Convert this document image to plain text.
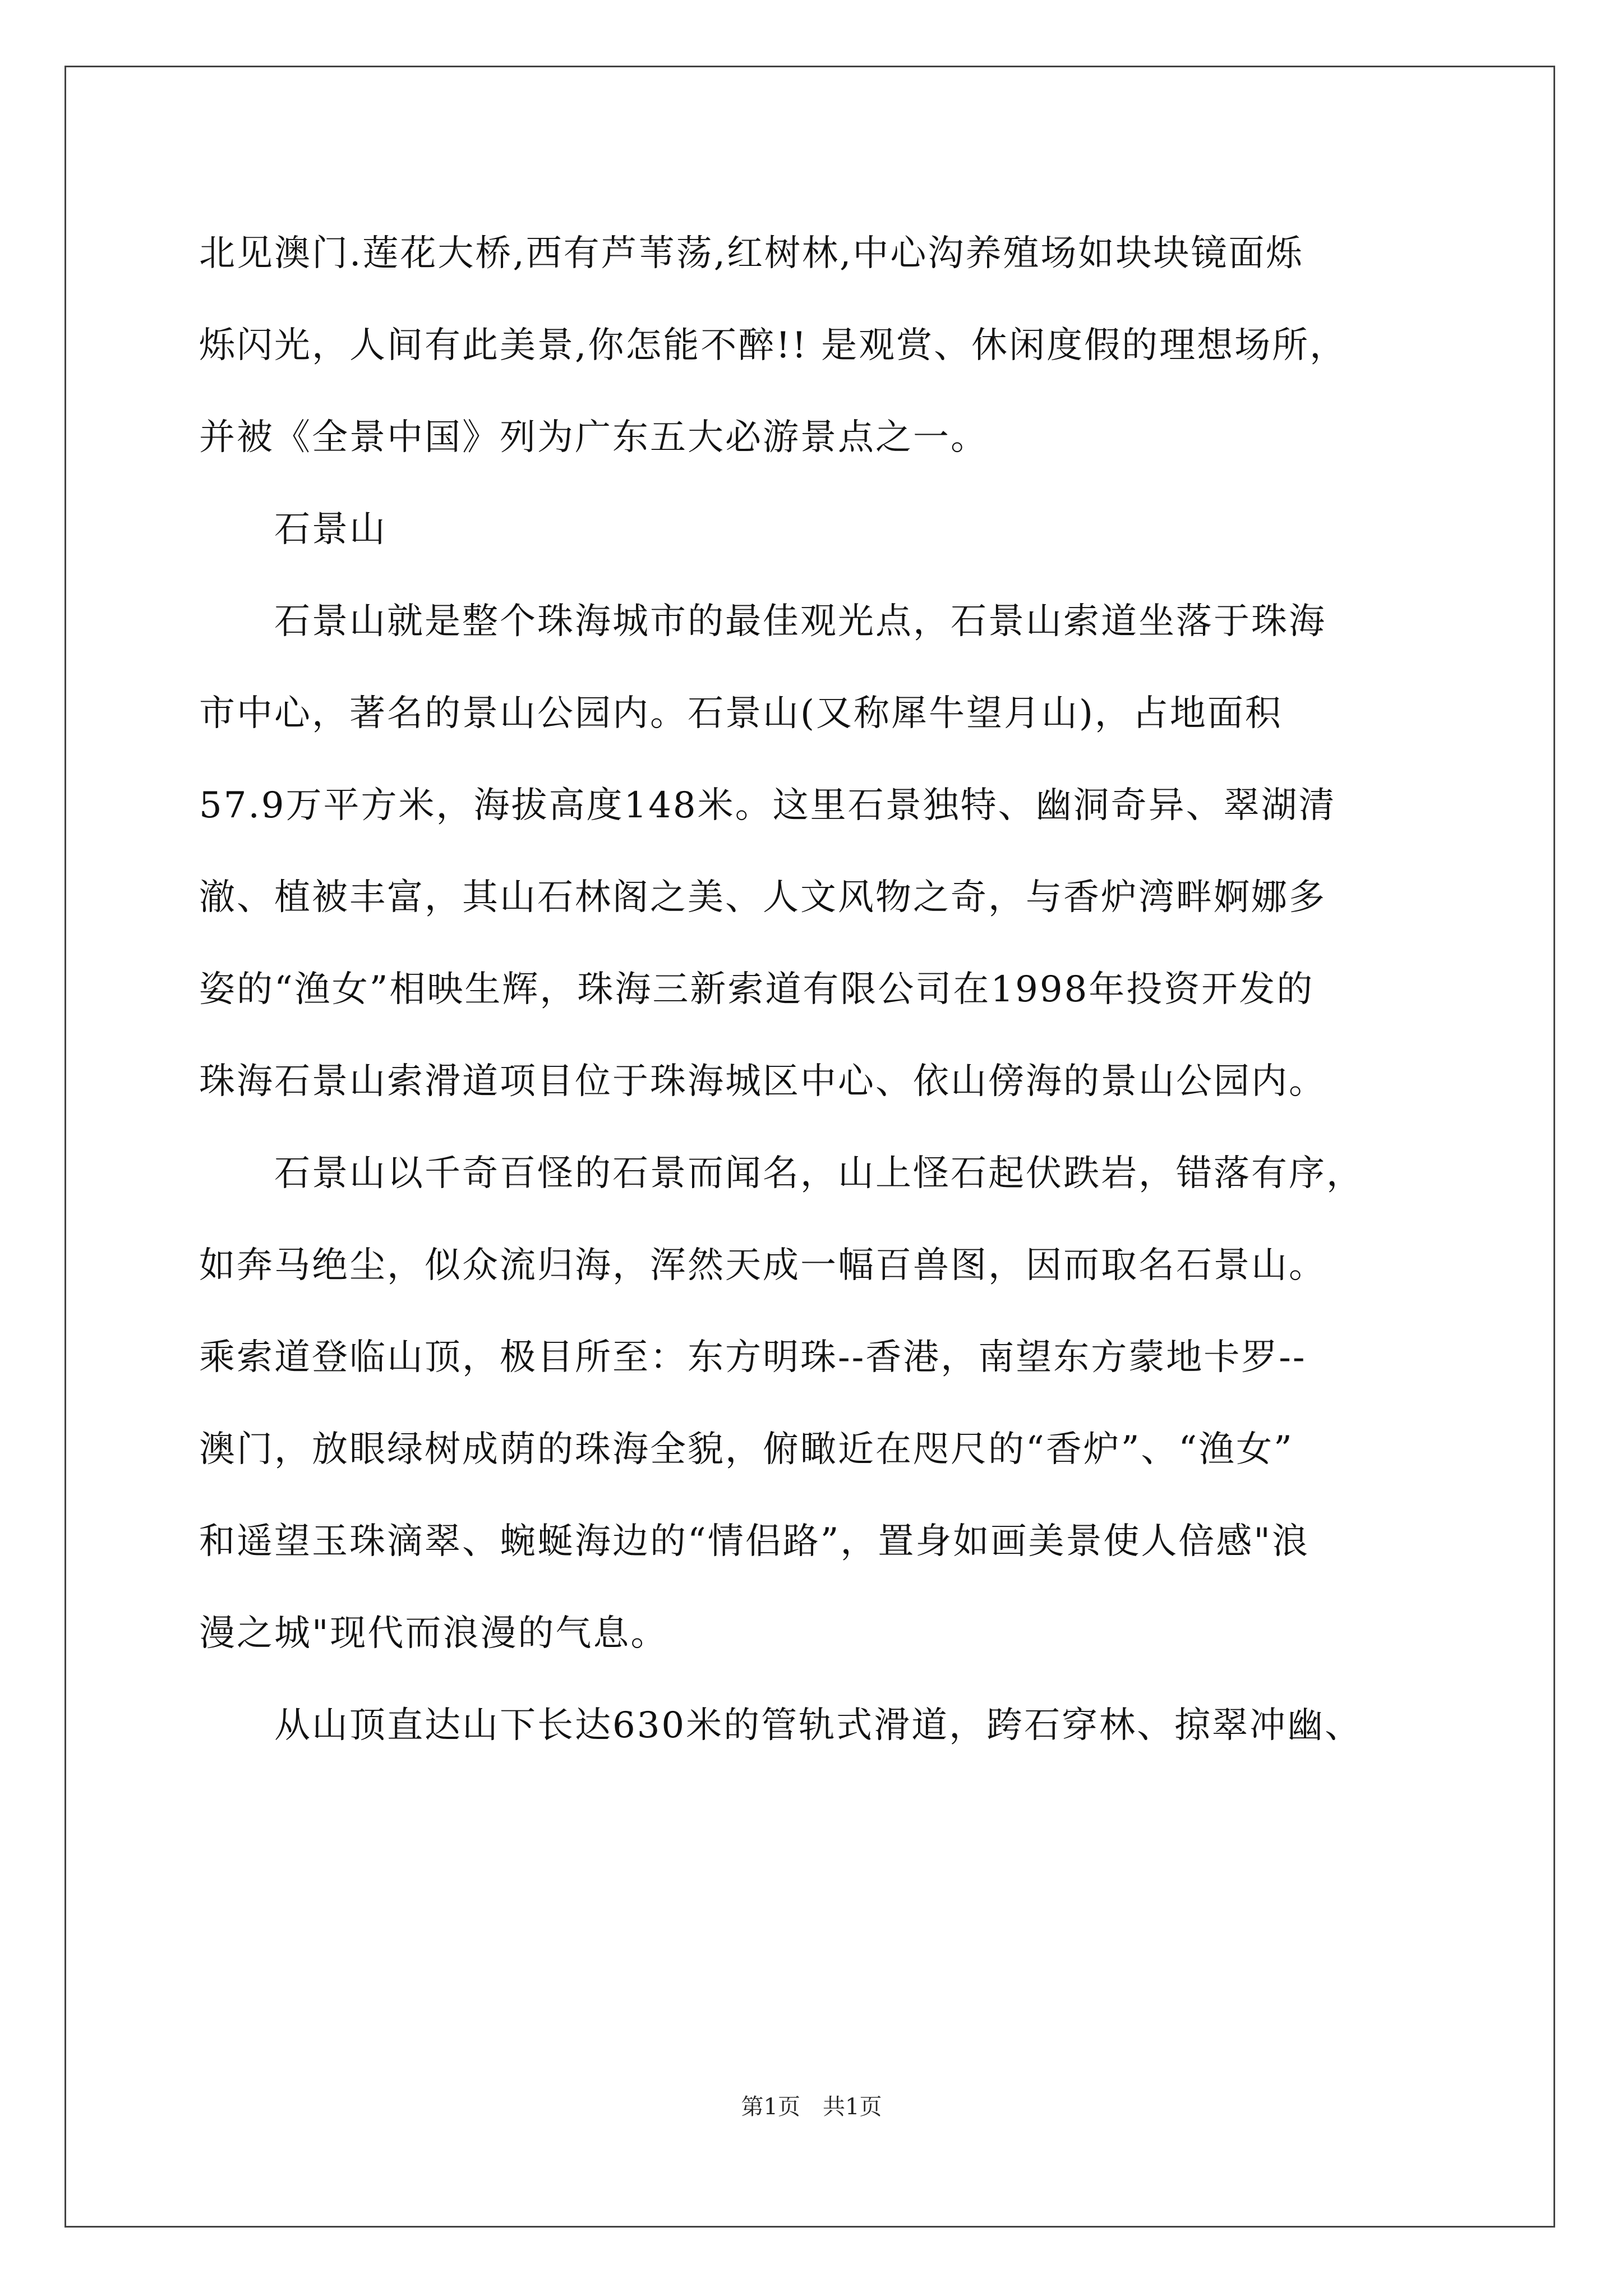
北见澳门.莲花大桥,西有芦苇荡,红树林,中心沟养殖场如块块镜面烁
烁闪光，人间有此美景,你怎能不醉!! 是观赏、休闲度假的理想场所，
并被《全景中国》列为广东五大必游景点之一。
　　石景山
　　石景山就是整个珠海城市的最佳观光点，石景山索道坐落于珠海
市中心，著名的景山公园内。石景山(又称犀牛望月山)，占地面积
57.9万平方米，海拔高度148米。这里石景独特、幽洞奇异、翠湖清
澈、植被丰富，其山石林阁之美、人文风物之奇，与香炉湾畔婀娜多
姿的“渔女”相映生辉，珠海三新索道有限公司在1998年投资开发的
珠海石景山索滑道项目位于珠海城区中心、依山傍海的景山公园内。
　　石景山以千奇百怪的石景而闻名，山上怪石起伏跌岩，错落有序，
如奔马绝尘，似众流归海，浑然天成一幅百兽图，因而取名石景山。
乘索道登临山顶，极目所至：东方明珠--香港，南望东方蒙地卡罗--
澳门，放眼绿树成荫的珠海全貌，俯瞰近在咫尺的“香炉”、“渔女”
和遥望玉珠滴翠、蜿蜒海边的“情侣路”，置身如画美景使人倍感"浪
漫之城"现代而浪漫的气息。
　　从山顶直达山下长达630米的管轨式滑道，跨石穿林、掠翠冲幽、
第1页　共1页
